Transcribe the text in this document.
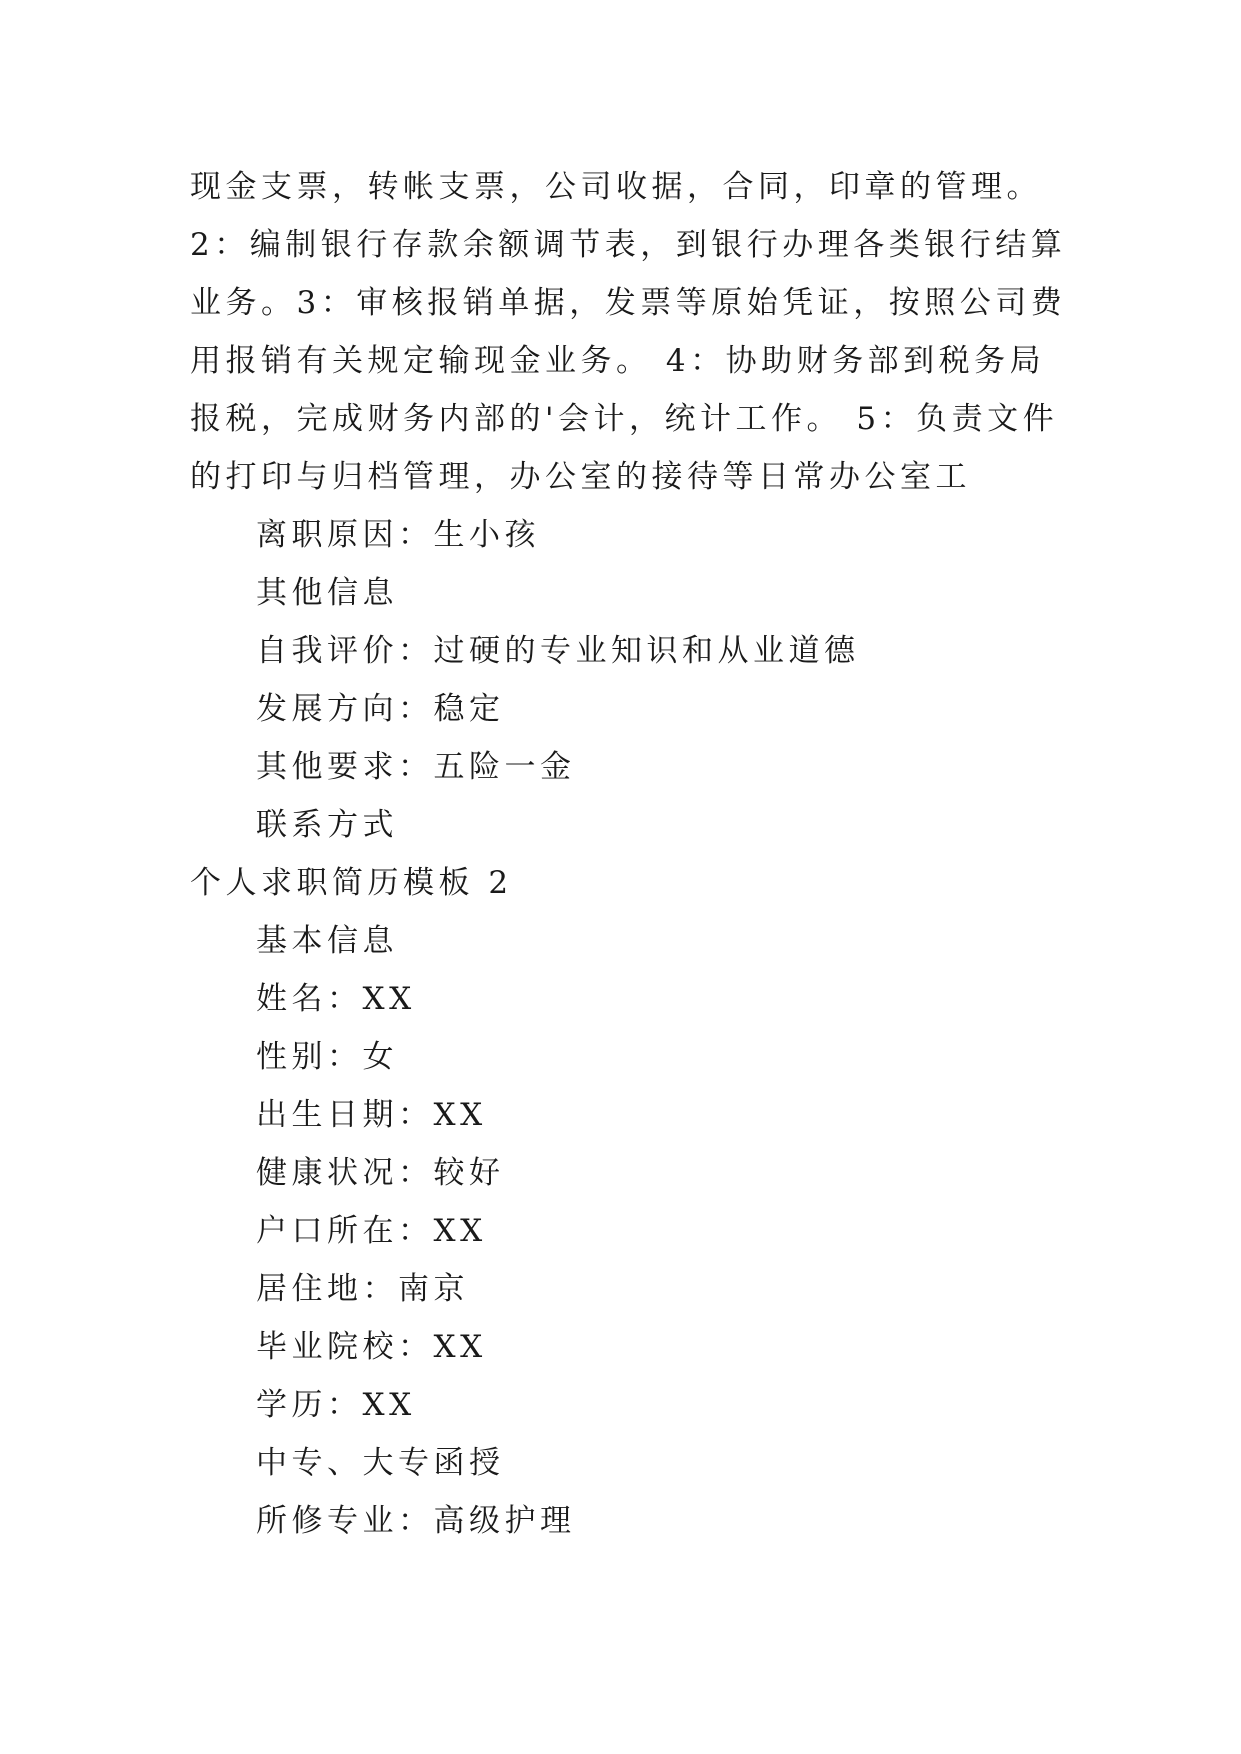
现金支票，转帐支票，公司收据，合同，印章的管理。 2：编制银行存款余额调节表，到银行办理各类银行结算业务。3：审核报销单据，发票等原始凭证，按照公司费用报销有关规定输现金业务。 4：协助财务部到税务局报税，完成财务内部的'会计，统计工作。 5：负责文件的打印与归档管理，办公室的接待等日常办公室工

离职原因：生小孩

其他信息

自我评价：过硬的专业知识和从业道德

发展方向：稳定

其他要求：五险一金

联系方式

个人求职简历模板 2

基本信息

姓名：XX

性别：女

出生日期：XX

健康状况：较好

户口所在：XX

居住地：南京

毕业院校：XX

学历：XX

中专、大专函授

所修专业：高级护理
